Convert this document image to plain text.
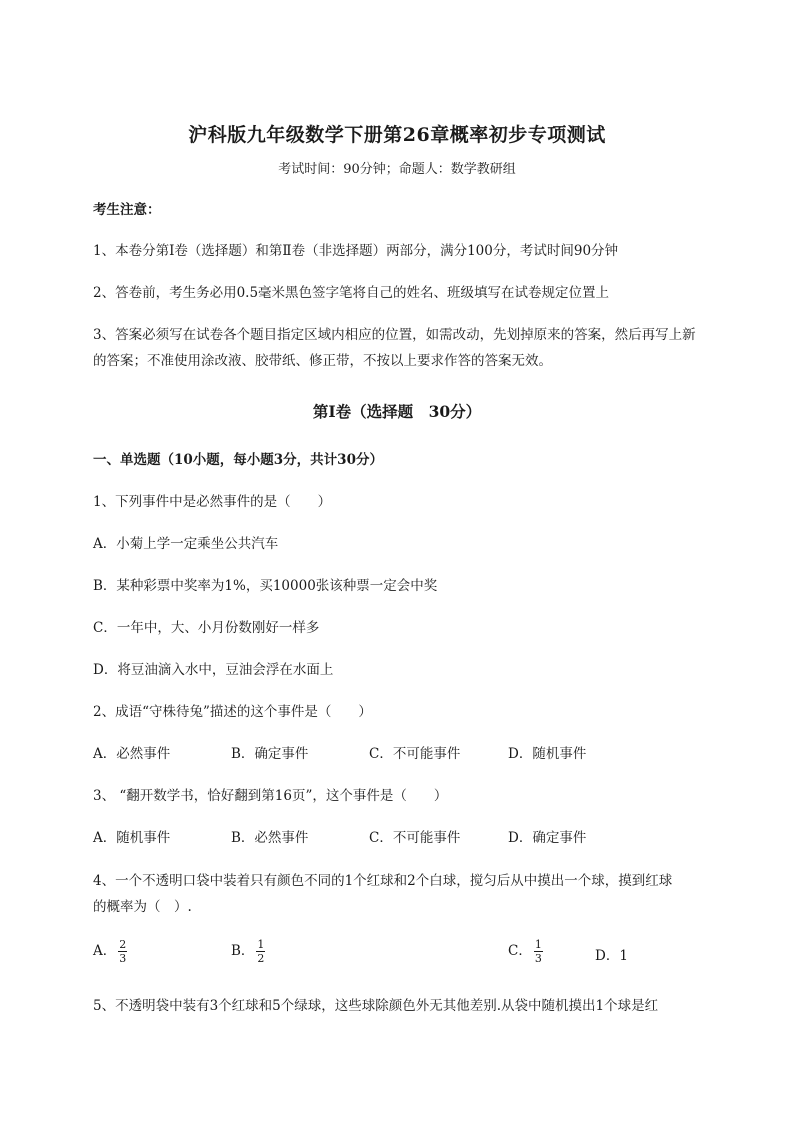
沪科版九年级数学下册第26章概率初步专项测试
考试时间：90分钟；命题人：数学教研组
考生注意：
1、本卷分第I卷（选择题）和第Ⅱ卷（非选择题）两部分，满分100分，考试时间90分钟
2、答卷前，考生务必用0.5毫米黑色签字笔将自己的姓名、班级填写在试卷规定位置上
3、答案必须写在试卷各个题目指定区域内相应的位置，如需改动，先划掉原来的答案，然后再写上新
的答案；不准使用涂改液、胶带纸、修正带，不按以上要求作答的答案无效。
第I卷（选择题　30分）
一、单选题（10小题，每小题3分，共计30分）
1、下列事件中是必然事件的是（　　）
A．小菊上学一定乘坐公共汽车
B．某种彩票中奖率为1%，买10000张该种票一定会中奖
C．一年中，大、小月份数刚好一样多
D．将豆油滴入水中，豆油会浮在水面上
2、成语“守株待兔”描述的这个事件是（　　）
A．必然事件	B．确定事件	C．不可能事件	D．随机事件
3、 “翻开数学书，恰好翻到第16页”，这个事件是（　　）
A．随机事件	B．必然事件	C．不可能事件	D．确定事件
4、一个不透明口袋中装着只有颜色不同的1个红球和2个白球，搅匀后从中摸出一个球，摸到红球
的概率为（　）.
A． $\frac{2}{3}$	B． $\frac{1}{2}$	C． $\frac{1}{3}$	D．1
5、不透明袋中装有3个红球和5个绿球，这些球除颜色外无其他差别.从袋中随机摸出1个球是红
